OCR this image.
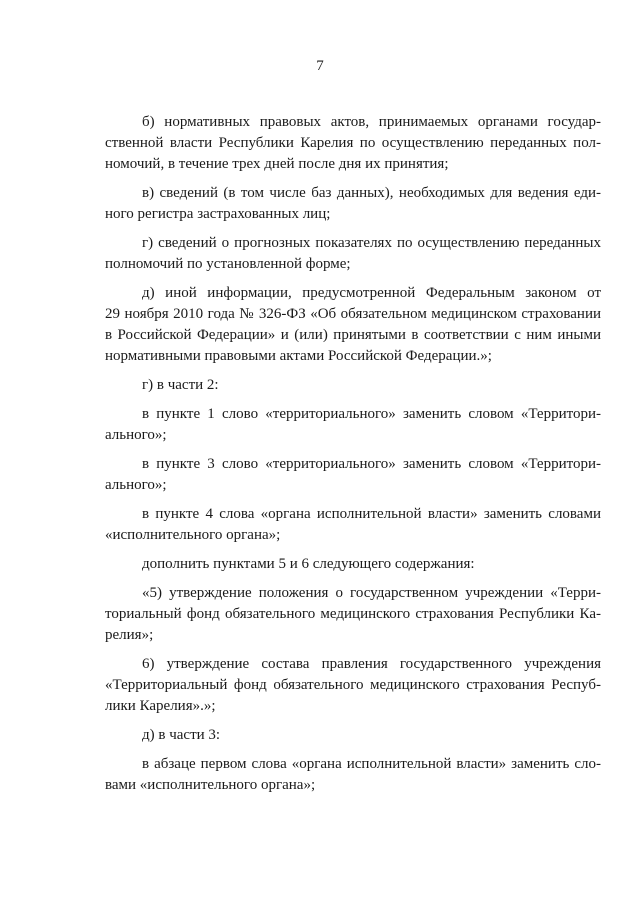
7
б) нормативных правовых актов, принимаемых органами государ-
ственной власти Республики Карелия по осуществлению переданных пол-
номочий, в течение трех дней после дня их принятия;
в) сведений (в том числе баз данных), необходимых для ведения еди-
ного регистра застрахованных лиц;
г) сведений о прогнозных показателях по осуществлению переданных
полномочий по установленной форме;
д) иной информации, предусмотренной Федеральным законом от
29 ноября 2010 года № 326-ФЗ «Об обязательном медицинском страховании
в Российской Федерации» и (или) принятыми в соответствии с ним иными
нормативными правовыми актами Российской Федерации.»;
г) в части 2:
в пункте 1 слово «территориального» заменить словом «Территори-
ального»;
в пункте 3 слово «территориального» заменить словом «Территори-
ального»;
в пункте 4 слова «органа исполнительной власти» заменить словами
«исполнительного органа»;
дополнить пунктами 5 и 6 следующего содержания:
«5) утверждение положения о государственном учреждении «Терри-
ториальный фонд обязательного медицинского страхования Республики Ка-
релия»;
6) утверждение состава правления государственного учреждения
«Территориальный фонд обязательного медицинского страхования Респуб-
лики Карелия».»;
д) в части 3:
в абзаце первом слова «органа исполнительной власти» заменить сло-
вами «исполнительного органа»;
